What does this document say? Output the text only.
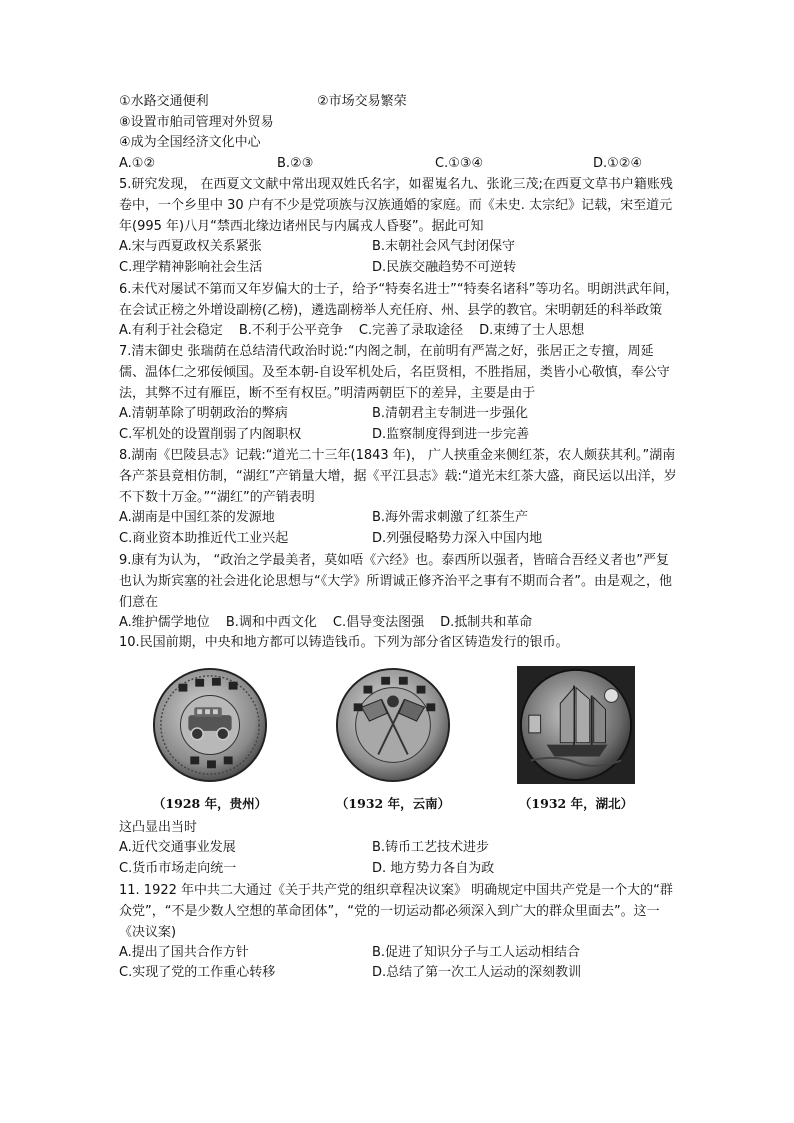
①水路交通便利	②市场交易繁荣
⑧设置市舶司管理对外贸易
④成为全国经济文化中心
A.①②	B.②③	C.①③④	D.①②④
5.研究发现， 在西夏文文献中常出现双姓氏名字，如翟嵬名九、张讹三茂;在西夏文草书户籍账残卷中，一个乡里中 30 户有不少是党项族与汉族通婚的家庭。而《未史. 太宗纪》记载，宋至道元年(995 年)八月“禁西北缘边诸州民与内属戎人昏娶”。据此可知
A.宋与西夏政权关系紧张	B.末朝社会风气封闭保守
C.理学精神影响社会生活	D.民族交融趋势不可逆转
6.未代对屡试不第而又年岁偏大的士子，给予“特奏名进士”“特奏名诸科”等功名。明朗洪武年间，在会试正榜之外增设副榜(乙榜)，遴选副榜举人充任府、州、县学的教官。宋明朝廷的科举政策
A.有利于社会稳定 B.不利于公平竞争 C.完善了录取途径 D.束缚了士人思想
7.清末御史 张瑞荫在总结清代政治时说:“内阁之制，在前明有严嵩之好，张居正之专擅，周延儒、温体仁之邪佞倾国。及至本朝-自设军机处后，名臣贤相，不胜指屈，类皆小心敬慎，奉公守法，其弊不过有雁臣，断不至有权臣。”明清两朝臣下的差异，主要是由于
A.清朝革除了明朝政治的弊病	B.清朝君主专制进一步强化
C.军机处的设置削弱了内阁职权	D.监察制度得到进一步完善
8.湖南《巴陵县志》记载:“道光二十三年(1843 年)， 广人挟重金来侧红茶，农人颇获其利。”湖南各产茶县竟相仿制，“湖红”产销量大增，据《平江县志》载:“道光末红茶大盛，商民运以出洋，岁不下数十万金。”“湖红”的产销表明
A.湖南是中国红茶的发源地	B.海外需求刺激了红茶生产
C.商业资本助推近代工业兴起	D.列强侵略势力深入中国内地
9.康有为认为， “政治之学最美者，莫如唔《六经》也。泰西所以强者，皆暗合吾经义者也”严复也认为斯宾塞的社会进化论思想与“《大学》所谓诚正修齐治平之事有不期而合者”。由是观之，他们意在
A.维护儒学地位 B.调和中西文化 C.倡导变法图强 D.抵制共和革命
10.民国前期，中央和地方都可以铸造钱币。下列为部分省区铸造发行的银币。
（1928 年，贵州）	（1932 年，云南）	（1932 年，湖北）
这凸显出当时
A.近代交通事业发展	B.铸币工艺技术进步
C.货币市场走向统一	D. 地方势力各自为政
11. 1922 年中共二大通过《关于共产党的组织章程决议案》 明确规定中国共产党是一个大的“群众党”，“不是少数人空想的革命团体”，“党的一切运动都必须深入到广大的群众里面去”。这一《决议案)
A.提出了国共合作方针	B.促进了知识分子与工人运动相结合
C.实现了党的工作重心转移	D.总结了第一次工人运动的深刻教训
